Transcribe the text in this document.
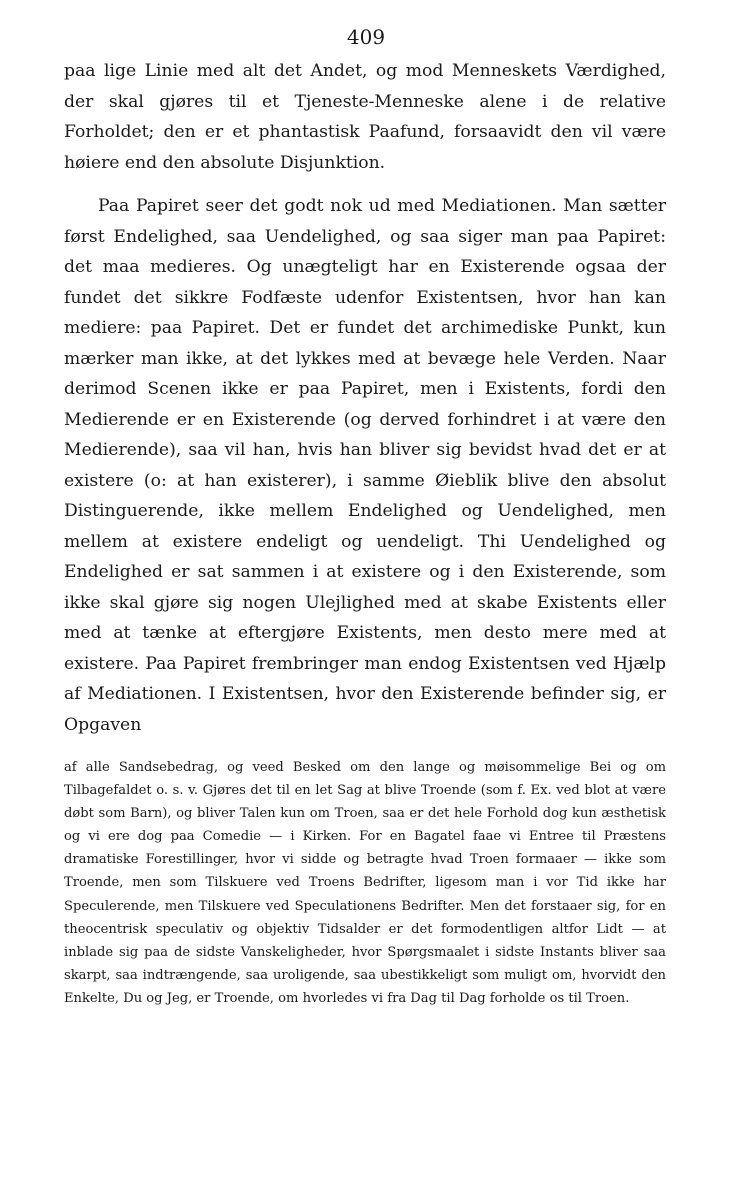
409

paa lige Linie med alt det Andet, og mod Menneskets Værdighed, der skal gjøres til et Tjeneste-Menneske alene i de relative Forholdet; den er et phantastisk Paafund, forsaavidt den vil være høiere end den absolute Disjunktion.

Paa Papiret seer det godt nok ud med Mediationen. Man sætter først Endelighed, saa Uendelighed, og saa siger man paa Papiret: det maa medieres. Og unægteligt har en Existerende ogsaa der fundet det sikkre Fodfæste udenfor Existentsen, hvor han kan mediere: paa Papiret. Det er fundet det archimediske Punkt, kun mærker man ikke, at det lykkes med at bevæge hele Verden. Naar derimod Scenen ikke er paa Papiret, men i Existents, fordi den Medierende er en Existerende (og derved forhindret i at være den Medierende), saa vil han, hvis han bliver sig bevidst hvad det er at existere (o: at han existerer), i samme Øieblik blive den absolut Distinguerende, ikke mellem Endelighed og Uendelighed, men mellem at existere endeligt og uendeligt. Thi Uendelighed og Endelighed er sat sammen i at existere og i den Existerende, som ikke skal gjøre sig nogen Ulejlighed med at skabe Existents eller med at tænke at eftergjøre Existents, men desto mere med at existere. Paa Papiret frembringer man endog Existentsen ved Hjælp af Mediationen. I Existentsen, hvor den Existerende befinder sig, er Opgaven

af alle Sandsebedrag, og veed Besked om den lange og møisommelige Bei og om Tilbagefaldet o. s. v. Gjøres det til en let Sag at blive Troende (som f. Ex. ved blot at være døbt som Barn), og bliver Talen kun om Troen, saa er det hele Forhold dog kun æsthetisk og vi ere dog paa Comedie — i Kirken. For en Bagatel faae vi Entree til Præstens dramatiske Forestillinger, hvor vi sidde og betragte hvad Troen formaaer — ikke som Troende, men som Tilskuere ved Troens Bedrifter, ligesom man i vor Tid ikke har Speculerende, men Tilskuere ved Speculationens Bedrifter. Men det forstaaer sig, for en theocentrisk speculativ og objektiv Tidsalder er det formodentligen altfor Lidt — at inblade sig paa de sidste Vanskeligheder, hvor Spørgsmaalet i sidste Instants bliver saa skarpt, saa indtrængende, saa uroligende, saa ubestikkeligt som muligt om, hvorvidt den Enkelte, Du og Jeg, er Troende, om hvorledes vi fra Dag til Dag forholde os til Troen.
